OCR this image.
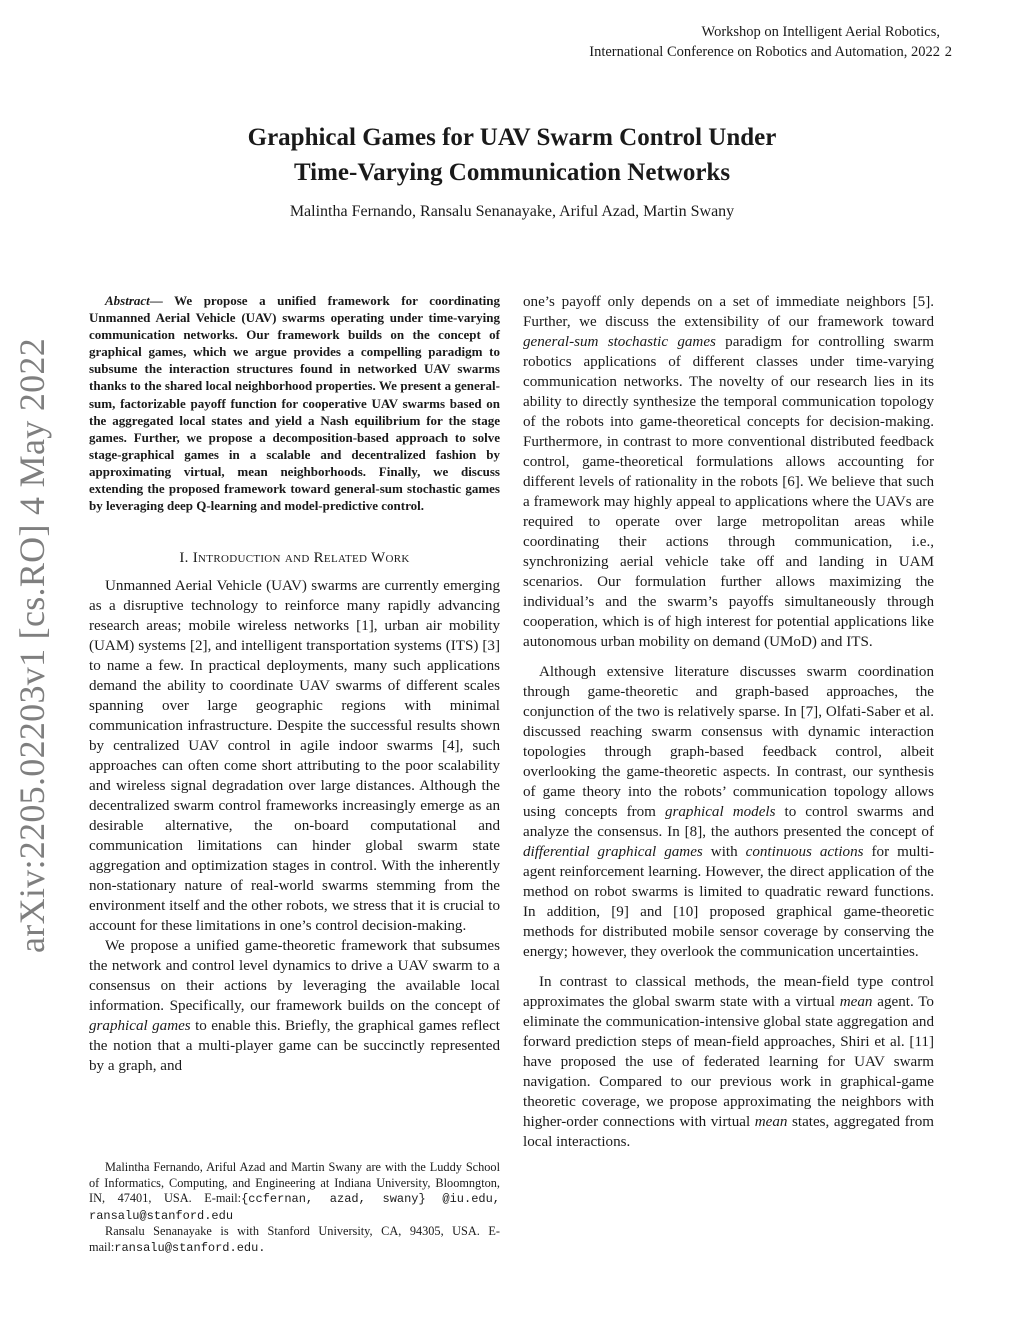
Workshop on Intelligent Aerial Robotics,
International Conference on Robotics and Automation, 2022 2
arXiv:2205.02203v1 [cs.RO] 4 May 2022
Graphical Games for UAV Swarm Control Under
Time-Varying Communication Networks
Malintha Fernando, Ransalu Senanayake, Ariful Azad, Martin Swany

Abstract— We propose a unified framework for coordinating Unmanned Aerial Vehicle (UAV) swarms operating under time-varying communication networks. Our framework builds on the concept of graphical games, which we argue provides a compelling paradigm to subsume the interaction structures found in networked UAV swarms thanks to the shared local neighborhood properties. We present a general-sum, factorizable payoff function for cooperative UAV swarms based on the aggregated local states and yield a Nash equilibrium for the stage games. Further, we propose a decomposition-based approach to solve stage-graphical games in a scalable and decentralized fashion by approximating virtual, mean neighborhoods. Finally, we discuss extending the proposed framework toward general-sum stochastic games by leveraging deep Q-learning and model-predictive control.

I. Introduction and Related Work

Unmanned Aerial Vehicle (UAV) swarms are currently emerging as a disruptive technology to reinforce many rapidly advancing research areas; mobile wireless networks [1], urban air mobility (UAM) systems [2], and intelligent transportation systems (ITS) [3] to name a few. In practical deployments, many such applications demand the ability to coordinate UAV swarms of different scales spanning over large geographic regions with minimal communication infrastructure. Despite the successful results shown by centralized UAV control in agile indoor swarms [4], such approaches can often come short attributing to the poor scalability and wireless signal degradation over large distances. Although the decentralized swarm control frameworks increasingly emerge as an desirable alternative, the on-board computational and communication limitations can hinder global swarm state aggregation and optimization stages in control. With the inherently non-stationary nature of real-world swarms stemming from the environment itself and the other robots, we stress that it is crucial to account for these limitations in one’s control decision-making.

We propose a unified game-theoretic framework that subsumes the network and control level dynamics to drive a UAV swarm to a consensus on their actions by leveraging the available local information. Specifically, our framework builds on the concept of graphical games to enable this. Briefly, the graphical games reflect the notion that a multi-player game can be succinctly represented by a graph, and

Malintha Fernando, Ariful Azad and Martin Swany are with the Luddy School of Informatics, Computing, and Engineering at Indiana University, Bloomngton, IN, 47401, USA. E-mail:{ccfernan, azad, swany} @iu.edu, ransalu@stanford.edu

Ransalu Senanayake is with Stanford University, CA, 94305, USA. E-mail:ransalu@stanford.edu.

one’s payoff only depends on a set of immediate neighbors [5]. Further, we discuss the extensibility of our framework toward general-sum stochastic games paradigm for controlling swarm robotics applications of different classes under time-varying communication networks. The novelty of our research lies in its ability to directly synthesize the temporal communication topology of the robots into game-theoretical concepts for decision-making. Furthermore, in contrast to more conventional distributed feedback control, game-theoretical formulations allows accounting for different levels of rationality in the robots [6]. We believe that such a framework may highly appeal to applications where the UAVs are required to operate over large metropolitan areas while coordinating their actions through communication, i.e., synchronizing aerial vehicle take off and landing in UAM scenarios. Our formulation further allows maximizing the individual’s and the swarm’s payoffs simultaneously through cooperation, which is of high interest for potential applications like autonomous urban mobility on demand (UMoD) and ITS.

Although extensive literature discusses swarm coordination through game-theoretic and graph-based approaches, the conjunction of the two is relatively sparse. In [7], Olfati-Saber et al. discussed reaching swarm consensus with dynamic interaction topologies through graph-based feedback control, albeit overlooking the game-theoretic aspects. In contrast, our synthesis of game theory into the robots’ communication topology allows using concepts from graphical models to control swarms and analyze the consensus. In [8], the authors presented the concept of differential graphical games with continuous actions for multi-agent reinforcement learning. However, the direct application of the method on robot swarms is limited to quadratic reward functions. In addition, [9] and [10] proposed graphical game-theoretic methods for distributed mobile sensor coverage by conserving the energy; however, they overlook the communication uncertainties.

In contrast to classical methods, the mean-field type control approximates the global swarm state with a virtual mean agent. To eliminate the communication-intensive global state aggregation and forward prediction steps of mean-field approaches, Shiri et al. [11] have proposed the use of federated learning for UAV swarm navigation. Compared to our previous work in graphical-game theoretic coverage, we propose approximating the neighbors with higher-order connections with virtual mean states, aggregated from local interactions.
